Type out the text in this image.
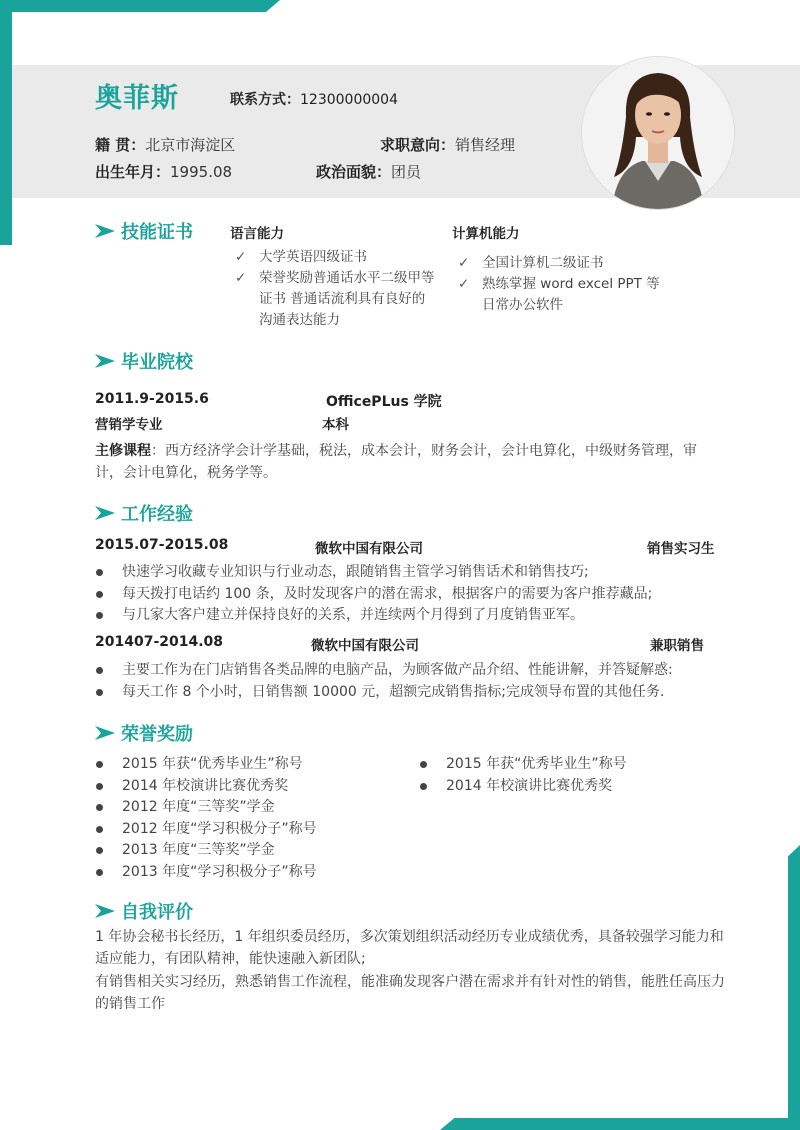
奥菲斯	联系方式：12300000004
籍 贯：北京市海淀区	求职意向：销售经理
出生年月：1995.08	政治面貌：团员
技能证书	语言能力
✓ 大学英语四级证书
✓ 荣誉奖励普通话水平二级甲等证书 普通话流利具有良好的沟通表达能力
计算机能力
✓ 全国计算机二级证书
✓ 熟练掌握 word excel PPT 等日常办公软件
毕业院校
2011.9-2015.6	OfficePLus 学院
营销学专业	本科
主修课程：西方经济学会计学基础，税法，成本会计，财务会计，会计电算化，中级财务管理，审计，会计电算化，税务学等。
工作经验
2015.07-2015.08	微软中国有限公司	销售实习生
快速学习收藏专业知识与行业动态，跟随销售主管学习销售话术和销售技巧;
每天拨打电话约 100 条，及时发现客户的潜在需求，根据客户的需要为客户推荐藏品;
与几家大客户建立并保持良好的关系，并连续两个月得到了月度销售亚军。
201407-2014.08	微软中国有限公司	兼职销售
主要工作为在门店销售各类品牌的电脑产品，为顾客做产品介绍、性能讲解，并答疑解惑:
每天工作 8 个小时，日销售额 10000 元，超额完成销售指标;完成领导布置的其他任务.
荣誉奖励
2015 年获“优秀毕业生”称号
2014 年校演讲比赛优秀奖
2012 年度“三等奖”学金
2012 年度“学习积极分子”称号
2013 年度“三等奖”学金
2013 年度“学习积极分子”称号
2015 年获“优秀毕业生”称号
2014 年校演讲比赛优秀奖
自我评价
1 年协会秘书长经历，1 年组织委员经历，多次策划组织活动经历专业成绩优秀，具备较强学习能力和适应能力，有团队精神，能快速融入新团队;
有销售相关实习经历，熟悉销售工作流程，能准确发现客户潜在需求并有针对性的销售，能胜任高压力的销售工作
